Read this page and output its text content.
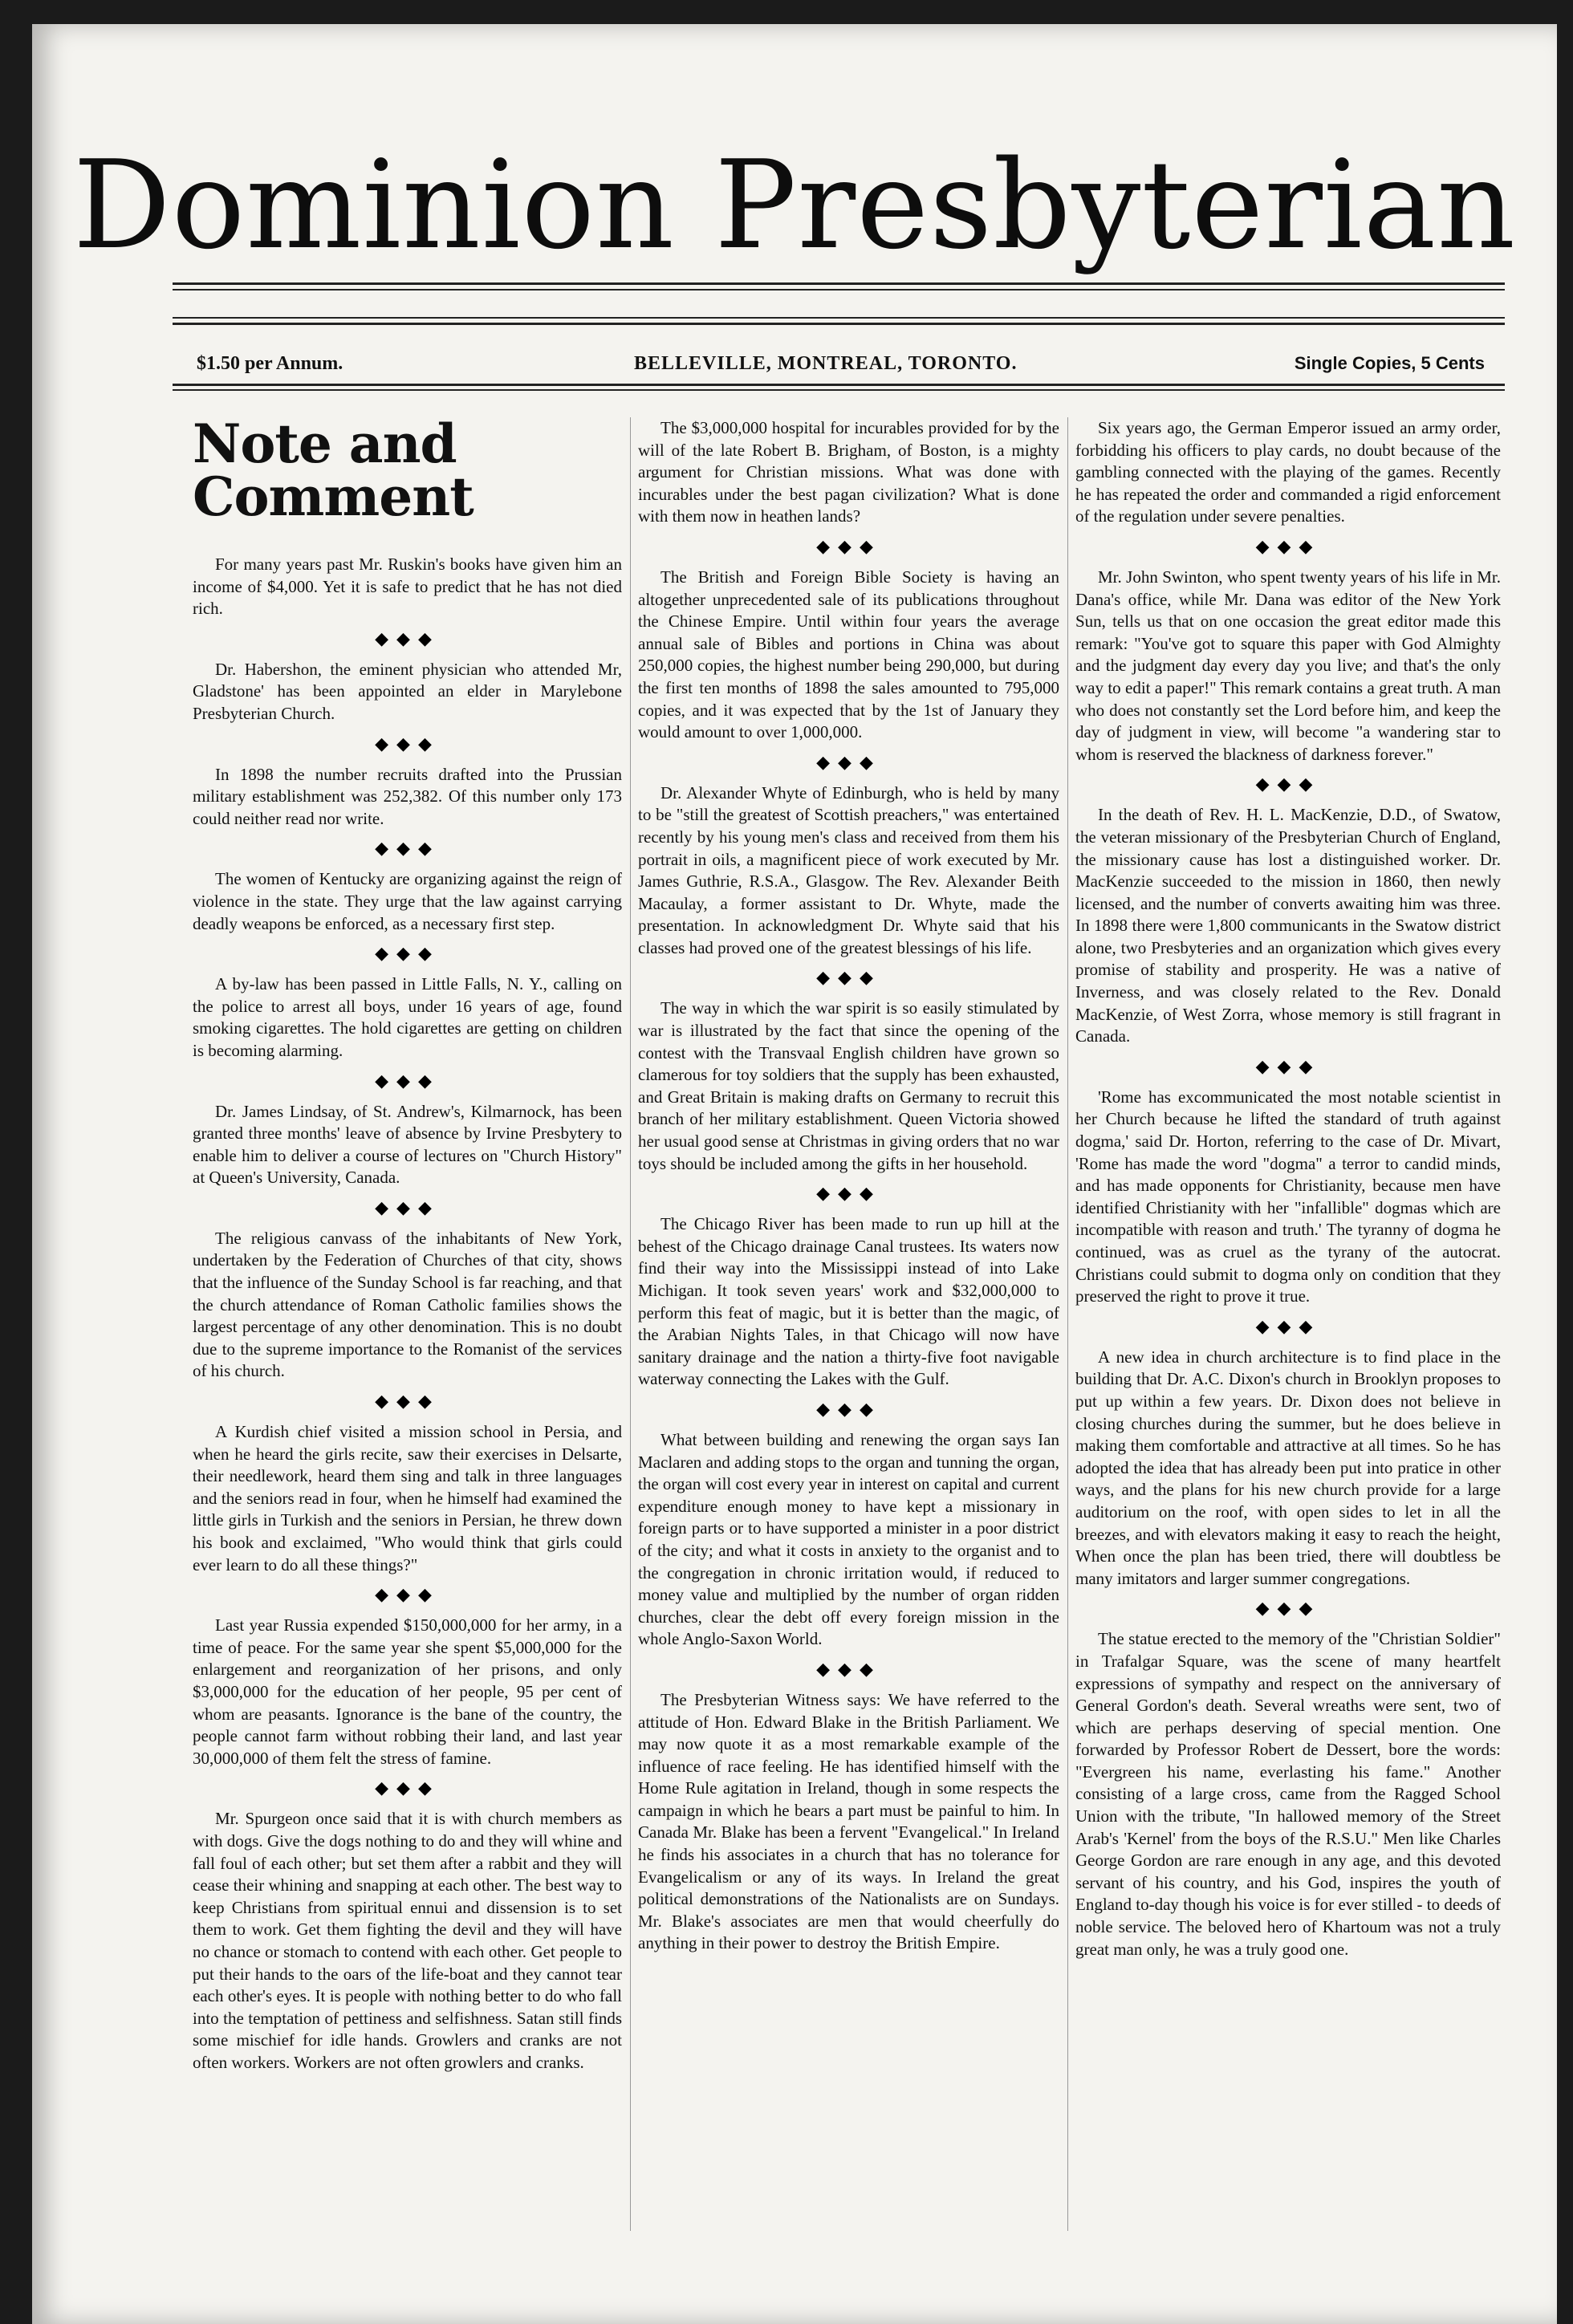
Dominion Presbyterian
$1.50 per Annum.	BELLEVILLE, MONTREAL, TORONTO.	Single Copies, 5 Cents
Note and Comment

For many years past Mr. Ruskin's books have given him an income of $4,000. Yet it is safe to predict that he has not died rich.

◆◆◆

Dr. Habershon, the eminent physician who attended Mr, Gladstone' has been appointed an elder in Marylebone Presbyterian Church.

◆◆◆

In 1898 the number recruits drafted into the Prussian military establishment was 252,382. Of this number only 173 could neither read nor write.

◆◆◆

The women of Kentucky are organizing against the reign of violence in the state. They urge that the law against carrying deadly weapons be enforced, as a necessary first step.

◆◆◆

A by-law has been passed in Little Falls, N. Y., calling on the police to arrest all boys, under 16 years of age, found smoking cigarettes. The hold cigarettes are getting on children is becoming alarming.

◆◆◆

Dr. James Lindsay, of St. Andrew's, Kilmarnock, has been granted three months' leave of absence by Irvine Presbytery to enable him to deliver a course of lectures on "Church History" at Queen's University, Canada.

◆◆◆

The religious canvass of the inhabitants of New York, undertaken by the Federation of Churches of that city, shows that the influence of the Sunday School is far reaching, and that the church attendance of Roman Catholic families shows the largest percentage of any other denomination. This is no doubt due to the supreme importance to the Romanist of the services of his church.

◆◆◆

A Kurdish chief visited a mission school in Persia, and when he heard the girls recite, saw their exercises in Delsarte, their needlework, heard them sing and talk in three languages and the seniors read in four, when he himself had examined the little girls in Turkish and the seniors in Persian, he threw down his book and exclaimed, "Who would think that girls could ever learn to do all these things?"

◆◆◆

Last year Russia expended $150,000,000 for her army, in a time of peace. For the same year she spent $5,000,000 for the enlargement and reorganization of her prisons, and only $3,000,000 for the education of her people, 95 per cent of whom are peasants. Ignorance is the bane of the country, the people cannot farm without robbing their land, and last year 30,000,000 of them felt the stress of famine.

◆◆◆

Mr. Spurgeon once said that it is with church members as with dogs. Give the dogs nothing to do and they will whine and fall foul of each other; but set them after a rabbit and they will cease their whining and snapping at each other. The best way to keep Christians from spiritual ennui and dissension is to set them to work. Get them fighting the devil and they will have no chance or stomach to contend with each other. Get people to put their hands to the oars of the life-boat and they cannot tear each other's eyes. It is people with nothing better to do who fall into the temptation of pettiness and selfishness. Satan still finds some mischief for idle hands. Growlers and cranks are not often workers. Workers are not often growlers and cranks.

The $3,000,000 hospital for incurables provided for by the will of the late Robert B. Brigham, of Boston, is a mighty argument for Christian missions. What was done with incurables under the best pagan civilization? What is done with them now in heathen lands?

◆◆◆

The British and Foreign Bible Society is having an altogether unprecedented sale of its publications throughout the Chinese Empire. Until within four years the average annual sale of Bibles and portions in China was about 250,000 copies, the highest number being 290,000, but during the first ten months of 1898 the sales amounted to 795,000 copies, and it was expected that by the 1st of January they would amount to over 1,000,000.

◆◆◆

Dr. Alexander Whyte of Edinburgh, who is held by many to be "still the greatest of Scottish preachers," was entertained recently by his young men's class and received from them his portrait in oils, a magnificent piece of work executed by Mr. James Guthrie, R.S.A., Glasgow. The Rev. Alexander Beith Macaulay, a former assistant to Dr. Whyte, made the presentation. In acknowledgment Dr. Whyte said that his classes had proved one of the greatest blessings of his life.

◆◆◆

The way in which the war spirit is so easily stimulated by war is illustrated by the fact that since the opening of the contest with the Transvaal English children have grown so clamerous for toy soldiers that the supply has been exhausted, and Great Britain is making drafts on Germany to recruit this branch of her military establishment. Queen Victoria showed her usual good sense at Christmas in giving orders that no war toys should be included among the gifts in her household.

◆◆◆

The Chicago River has been made to run up hill at the behest of the Chicago drainage Canal trustees. Its waters now find their way into the Mississippi instead of into Lake Michigan. It took seven years' work and $32,000,000 to perform this feat of magic, but it is better than the magic, of the Arabian Nights Tales, in that Chicago will now have sanitary drainage and the nation a thirty-five foot navigable waterway connecting the Lakes with the Gulf.

◆◆◆

What between building and renewing the organ says Ian Maclaren and adding stops to the organ and tunning the organ, the organ will cost every year in interest on capital and current expenditure enough money to have kept a missionary in foreign parts or to have supported a minister in a poor district of the city; and what it costs in anxiety to the organist and to the congregation in chronic irritation would, if reduced to money value and multiplied by the number of organ ridden churches, clear the debt off every foreign mission in the whole Anglo-Saxon World.

◆◆◆

The Presbyterian Witness says: We have referred to the attitude of Hon. Edward Blake in the British Parliament. We may now quote it as a most remarkable example of the influence of race feeling. He has identified himself with the Home Rule agitation in Ireland, though in some respects the campaign in which he bears a part must be painful to him. In Canada Mr. Blake has been a fervent "Evangelical." In Ireland he finds his associates in a church that has no tolerance for Evangelicalism or any of its ways. In Ireland the great political demonstrations of the Nationalists are on Sundays. Mr. Blake's associates are men that would cheerfully do anything in their power to destroy the British Empire.

Six years ago, the German Emperor issued an army order, forbidding his officers to play cards, no doubt because of the gambling connected with the playing of the games. Recently he has repeated the order and commanded a rigid enforcement of the regulation under severe penalties.

◆◆◆

Mr. John Swinton, who spent twenty years of his life in Mr. Dana's office, while Mr. Dana was editor of the New York Sun, tells us that on one occasion the great editor made this remark: "You've got to square this paper with God Almighty and the judgment day every day you live; and that's the only way to edit a paper!" This remark contains a great truth. A man who does not constantly set the Lord before him, and keep the day of judgment in view, will become "a wandering star to whom is reserved the blackness of darkness forever."

◆◆◆

In the death of Rev. H. L. MacKenzie, D.D., of Swatow, the veteran missionary of the Presbyterian Church of England, the missionary cause has lost a distinguished worker. Dr. MacKenzie succeeded to the mission in 1860, then newly licensed, and the number of converts awaiting him was three. In 1898 there were 1,800 communicants in the Swatow district alone, two Presbyteries and an organization which gives every promise of stability and prosperity. He was a native of Inverness, and was closely related to the Rev. Donald MacKenzie, of West Zorra, whose memory is still fragrant in Canada.

◆◆◆

'Rome has excommunicated the most notable scientist in her Church because he lifted the standard of truth against dogma,' said Dr. Horton, referring to the case of Dr. Mivart, 'Rome has made the word "dogma" a terror to candid minds, and has made opponents for Christianity, because men have identified Christianity with her "infallible" dogmas which are incompatible with reason and truth.' The tyranny of dogma he continued, was as cruel as the tyrany of the autocrat. Christians could submit to dogma only on condition that they preserved the right to prove it true.

◆◆◆

A new idea in church architecture is to find place in the building that Dr. A.C. Dixon's church in Brooklyn proposes to put up within a few years. Dr. Dixon does not believe in closing churches during the summer, but he does believe in making them comfortable and attractive at all times. So he has adopted the idea that has already been put into pratice in other ways, and the plans for his new church provide for a large auditorium on the roof, with open sides to let in all the breezes, and with elevators making it easy to reach the height, When once the plan has been tried, there will doubtless be many imitators and larger summer congregations.

◆◆◆

The statue erected to the memory of the "Christian Soldier" in Trafalgar Square, was the scene of many heartfelt expressions of sympathy and respect on the anniversary of General Gordon's death. Several wreaths were sent, two of which are perhaps deserving of special mention. One forwarded by Professor Robert de Dessert, bore the words: "Evergreen his name, everlasting his fame." Another consisting of a large cross, came from the Ragged School Union with the tribute, "In hallowed memory of the Street Arab's 'Kernel' from the boys of the R.S.U." Men like Charles George Gordon are rare enough in any age, and this devoted servant of his country, and his God, inspires the youth of England to-day though his voice is for ever stilled - to deeds of noble service. The beloved hero of Khartoum was not a truly great man only, he was a truly good one.
